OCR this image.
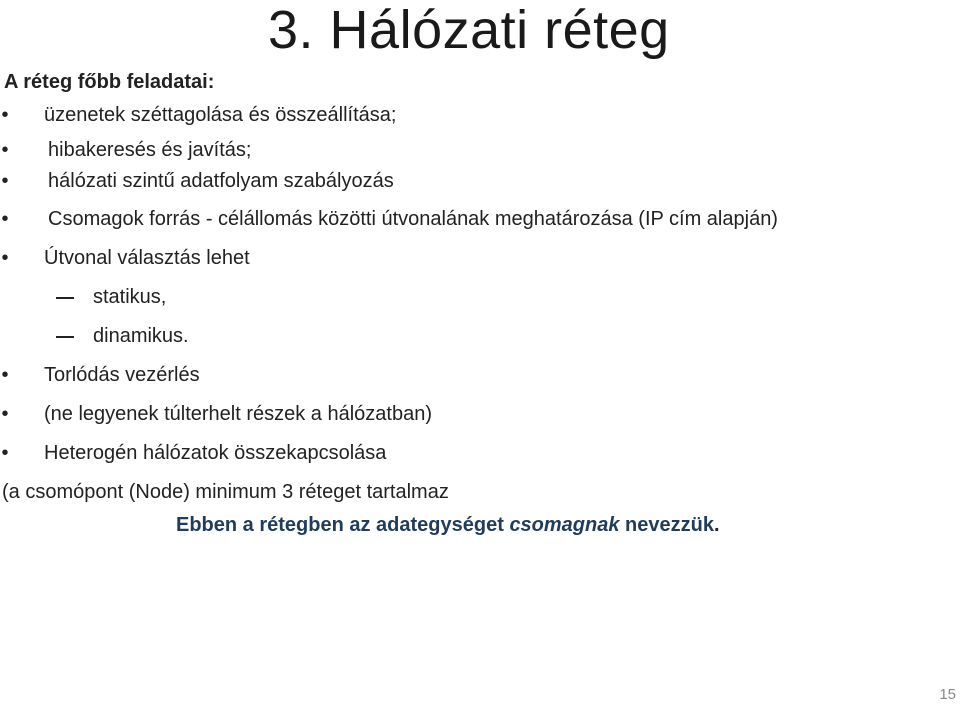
3. Hálózati réteg
A réteg főbb feladatai:
• üzenetek széttagolása és összeállítása;
• hibakeresés és javítás;
• hálózati szintű adatfolyam szabályozás
• Csomagok forrás - célállomás közötti útvonalának meghatározása (IP cím alapján)
• Útvonal választás lehet
statikus,
dinamikus.
• Torlódás vezérlés
• (ne legyenek túlterhelt részek a hálózatban)
• Heterogén hálózatok összekapcsolása
(a csomópont (Node) minimum 3 réteget tartalmaz
Ebben a rétegben az adategységet csomagnak nevezzük.
15
